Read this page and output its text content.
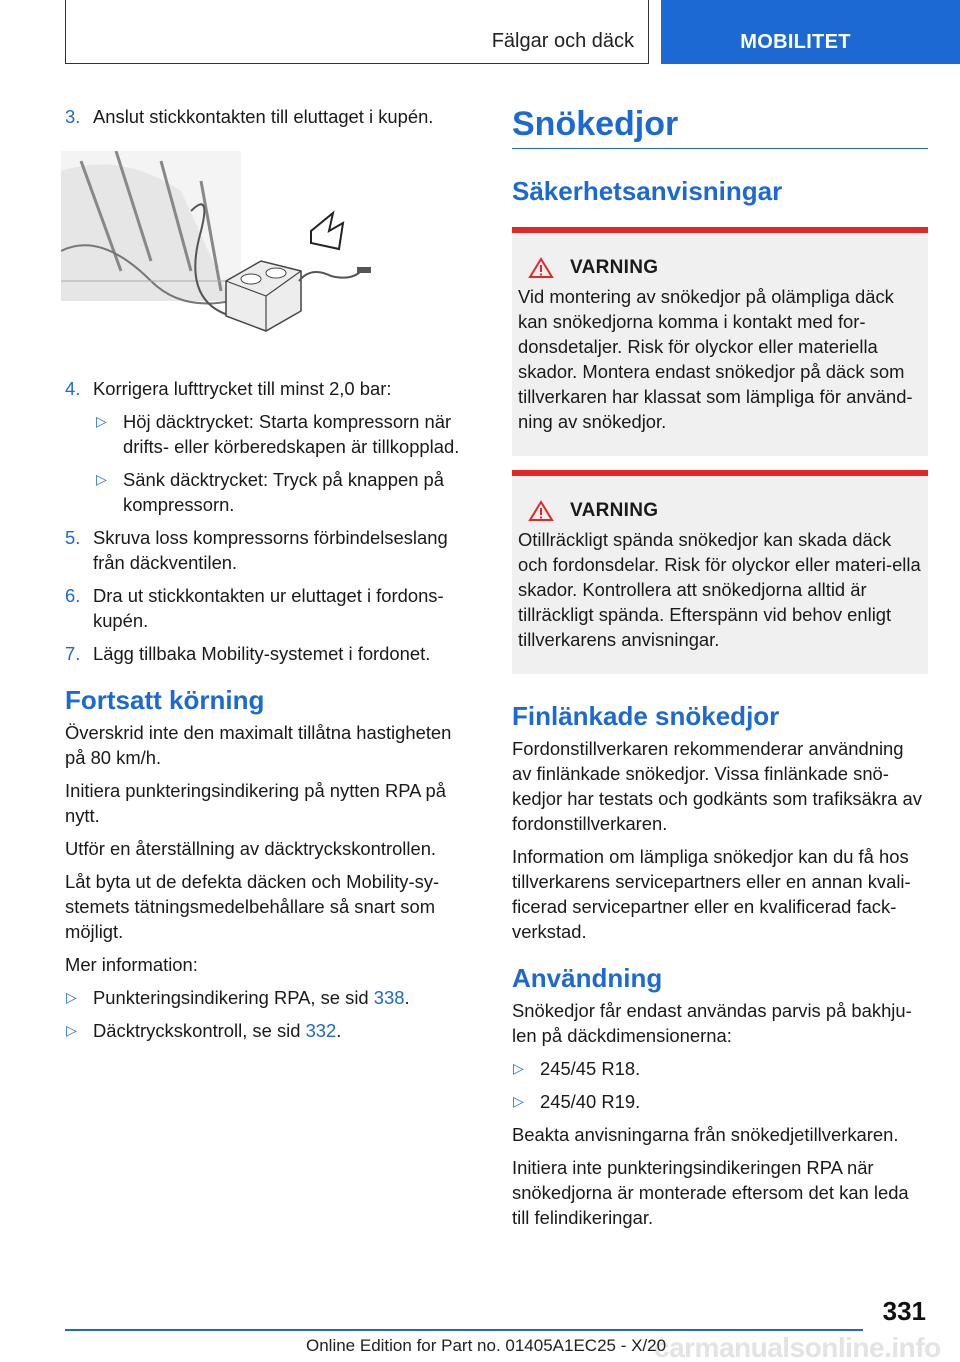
Fälgar och däck	MOBILITET
3. Anslut stickkontakten till eluttaget i kupén.
4. Korrigera lufttrycket till minst 2,0 bar:
▷ Höj däcktrycket: Starta kompressorn när drifts- eller körberedskapen är tillkopplad.
▷ Sänk däcktrycket: Tryck på knappen på kompressorn.
5. Skruva loss kompressorns förbindelseslang från däckventilen.
6. Dra ut stickkontakten ur eluttaget i fordons-kupén.
7. Lägg tillbaka Mobility-systemet i fordonet.
Fortsatt körning

Överskrid inte den maximalt tillåtna hastigheten på 80 km/h.

Initiera punkteringsindikering på nytten RPA på nytt.

Utför en återställning av däcktryckskontrollen.

Låt byta ut de defekta däcken och Mobility-sy-stemets tätningsmedelbehållare så snart som möjligt.

Mer information:

▷ Punkteringsindikering RPA, se sid 338.
▷ Däcktryckskontroll, se sid 332.
Snökedjor
Säkerhetsanvisningar
VARNING
Vid montering av snökedjor på olämpliga däck kan snökedjorna komma i kontakt med for-donsdetaljer. Risk för olyckor eller materiella skador. Montera endast snökedjor på däck som tillverkaren har klassat som lämpliga för använd-ning av snökedjor.
VARNING
Otillräckligt spända snökedjor kan skada däck och fordonsdelar. Risk för olyckor eller materi-ella skador. Kontrollera att snökedjorna alltid är tillräckligt spända. Efterspänn vid behov enligt tillverkarens anvisningar.
Finlänkade snökedjor

Fordonstillverkaren rekommenderar användning av finlänkade snökedjor. Vissa finlänkade snö-kedjor har testats och godkänts som trafiksäkra av fordonstillverkaren.

Information om lämpliga snökedjor kan du få hos tillverkarens servicepartners eller en annan kvali-ficerad servicepartner eller en kvalificerad fack-verkstad.

Användning

Snökedjor får endast användas parvis på bakhju-len på däckdimensionerna:

▷ 245/45 R18.
▷ 245/40 R19.

Beakta anvisningarna från snökedjetillverkaren.

Initiera inte punkteringsindikeringen RPA när snökedjorna är monterade eftersom det kan leda till felindikeringar.

331
carmanualsonline.info
Online Edition for Part no. 01405A1EC25 - X/20
